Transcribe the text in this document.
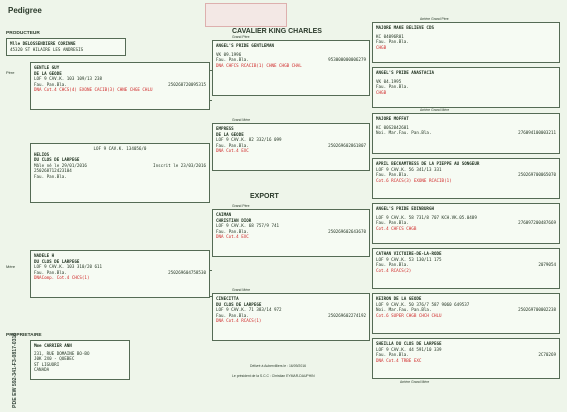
Pedigree
CAVALIER KING CHARLES
PRODUCTEUR
Mlle DELOSSENDIERE CORINNE
45320 ST HILAIRE LES ANDRESIS
PDE EW 592-341-F3-0817-0316
Père
Mère
GENTLE GUY
DE LA GEODE
LOF 9 CAV.K. 103 109/13 238
Fau. Pan.Bla.	250268720095315
DNA Cot.4 CHCS(4) EXONE CACIB(3) CHNE CHGE CHLU
LOF 9 CAV.K. 134056/0
HELIOS
DU CLOS DE LARPEGE
Mâle né le 29/01/2016	Inscrit le 23/03/2016
250268712423104
Fau. Pan.Bla.
NADELE H
DU CLOS DE LARPEGE
LOF 9 CAV.K. 103 310/20 611
Fau. Pan.Bla.	250269604758530
DNAComp. Cot.4 CHCS(1)
EXPORT
Grand Père
ANGEL'S PRIDE GENTLEMAN
VK 09.1996
Fau. Pan.Bla.	953000000006279
DNA CHFCS RCACIB(1) CHNE CHGB CHAL
Grand Mère
EMPRESS
DE LA GEODE
LOF 9 CAV.K. 82 332/16 099
Fau. Pan.Bla.	250269602861807
DNA Cot.4 EXC
Grand Père
CAIMAN
CHRISTIAN DIOR
LOF 9 CAV.K. 68 757/9 741
Fau. Pan.Bla.	250269602643670
DNA Cot.4 EXC
Grand Mère
CINECITTA
DU CLOS DE LARPEGE
LOF 9 CAV.K. 71 383/14 972
Fau. Pan.Bla.	250269602274192
DNA Cot.4 RCACS(1)
Arrière Grand Père
MAJORE MAKE BELIEVE CDS
KC 04096R01
Fau. Pan.Bla.
CHGB
ANGEL'S PRIDE ANASTACIA
VK 04.1995
Fau. Pan.Bla.
CHGB
Arrière Grand Mère
MAJORE MOFFAT
KC 00S2042601
Noi. Mar.Fau. Pan.Bla.	276094100003211
APRIL BECKAMTRESS DE LA PIEPPE AU SONGEUR
LOF 9 CAV.K. 56 341/13 331
Fau. Pan.Bla.	250269700065070
Cot.6 RCACS(3) EXONE RCACIB(1)
ANGEL'S PRIDE EDINBURGH
LOF 9 CAV.K. 58 731/8 707 KCH.VK.05.0489
Fau. Pan.Bla.	276097200487669
Cot.4 CHFCS CHGB
CATHAN VICTOIRE-DE-LA-RODE
LOF 9 CAV.K. 53 130/11 175
Fau. Pan.Bla.	2079054
Cot.4 RCACS(2)
KEIRON DE LA GEODE
LOF 9 CAV.K. 50 376/7 587 9060 649537
Noi. Mar.Fau. Pan.Bla.	250269700002238
Cot.6 SUPER CHGB CHCH CHLU
SHEILLA DU CLOS DE LARPEGE
LOF 9 CAV.K. 44 591/10 339
Fau. Pan.Bla.	2C70269
DNA Cot.4 TRBE EXC
Arrière Grand Mère
PROPRIETAIRE
Mme CARRIER ANN
231, RUE DOMAINE BO-BO
J0K 2X0 - QUEBEC
ST LIGUORI
CANADA
Délivré à Aubervilliers le : 16/09/2016
Le président de la S.C.C : Christian EYMAR-DAUPHIN
